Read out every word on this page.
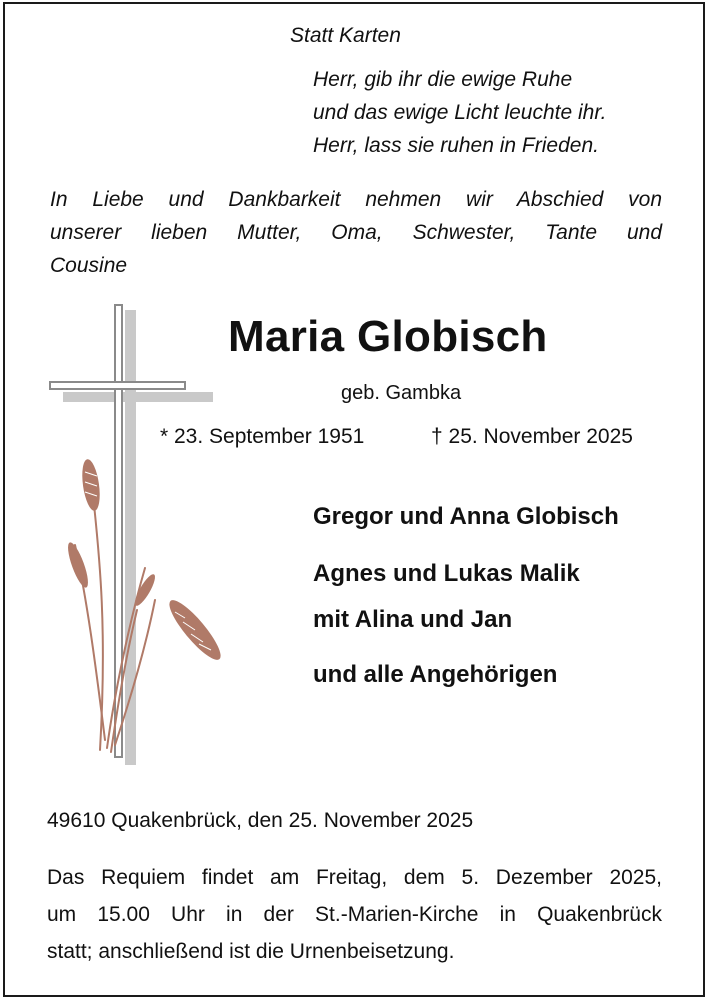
Statt Karten
Herr, gib ihr die ewige Ruhe
und das ewige Licht leuchte ihr.
Herr, lass sie ruhen in Frieden.
In Liebe und Dankbarkeit nehmen wir Abschied von
unserer lieben Mutter, Oma, Schwester, Tante und
Cousine
Maria Globisch
geb. Gambka
* 23. September 1951	† 25. November 2025
Gregor und Anna Globisch
Agnes und Lukas Malik
mit Alina und Jan
und alle Angehörigen
49610 Quakenbrück, den 25. November 2025
Das Requiem findet am Freitag, dem 5. Dezember 2025,
um 15.00 Uhr in der St.-Marien-Kirche in Quakenbrück
statt; anschließend ist die Urnenbeisetzung.
